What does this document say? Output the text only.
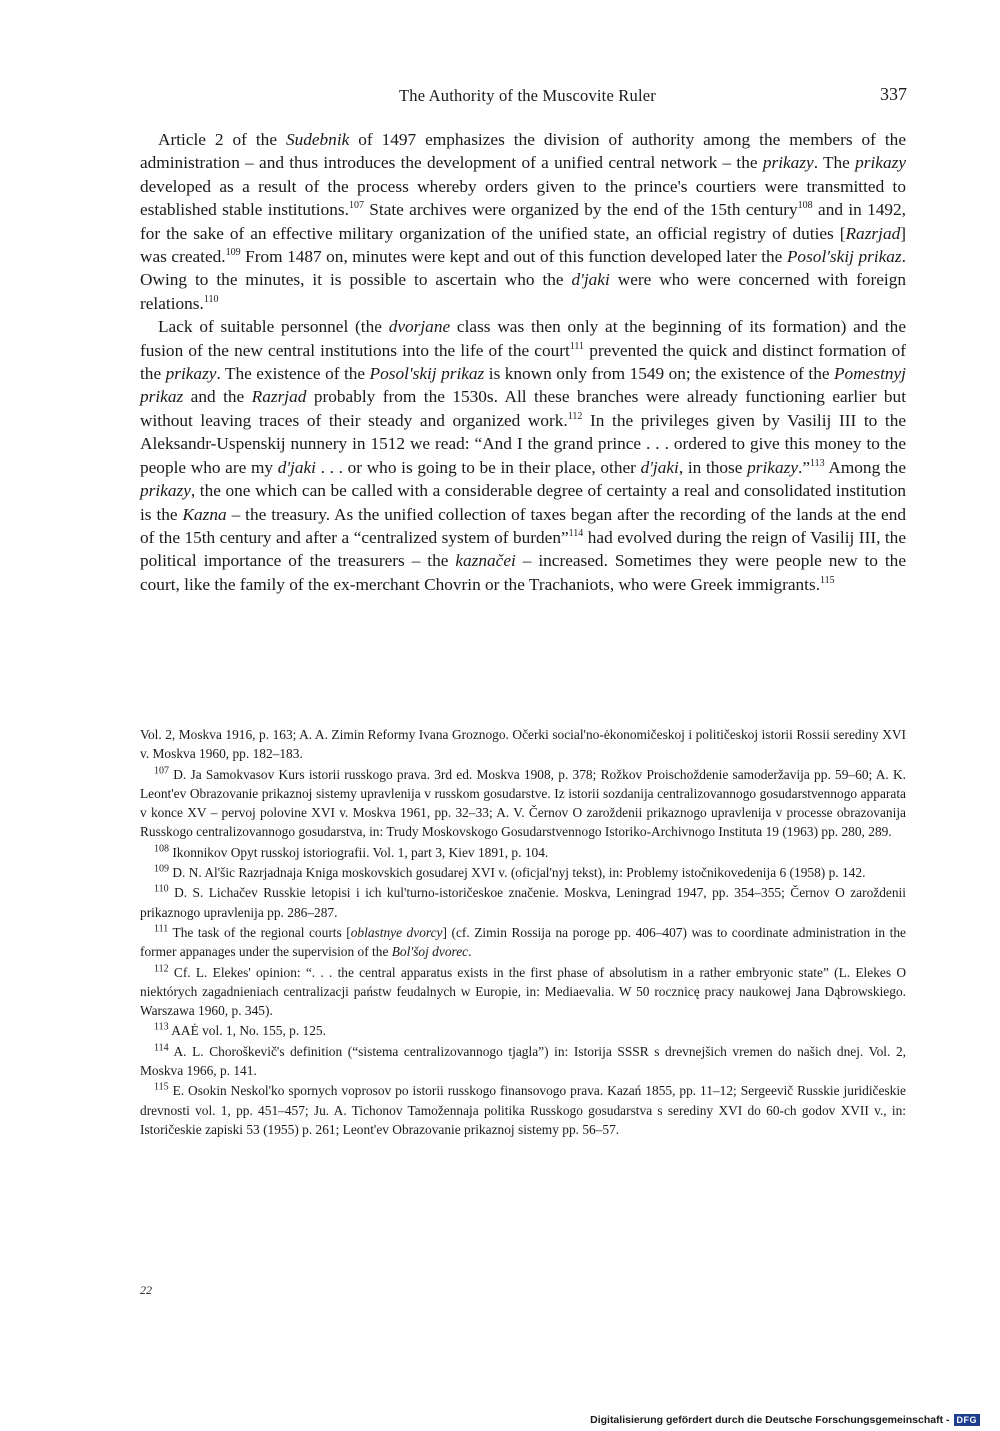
The Authority of the Muscovite Ruler	337

Article 2 of the Sudebnik of 1497 emphasizes the division of authority among the members of the administration – and thus introduces the development of a unified central network – the prikazy. The prikazy developed as a result of the process whereby orders given to the prince's courtiers were transmitted to established stable institutions.$^{107}$ State archives were organized by the end of the 15th century$^{108}$ and in 1492, for the sake of an effective military organization of the unified state, an official registry of duties [Razrjad] was created.$^{109}$ From 1487 on, minutes were kept and out of this function developed later the Posol'skij prikaz. Owing to the minutes, it is possible to ascertain who the d'jaki were who were concerned with foreign relations.$^{110}$

Lack of suitable personnel (the dvorjane class was then only at the beginning of its formation) and the fusion of the new central institutions into the life of the court$^{111}$ prevented the quick and distinct formation of the prikazy. The existence of the Posol'skij prikaz is known only from 1549 on; the existence of the Pomestnyj prikaz and the Razrjad probably from the 1530s. All these branches were already functioning earlier but without leaving traces of their steady and organized work.$^{112}$ In the privileges given by Vasilij III to the Aleksandr-Uspenskij nunnery in 1512 we read: “And I the grand prince . . . ordered to give this money to the people who are my d'jaki . . . or who is going to be in their place, other d'jaki, in those prikazy.”$^{113}$ Among the prikazy, the one which can be called with a considerable degree of certainty a real and consolidated institution is the Kazna – the treasury. As the unified collection of taxes began after the recording of the lands at the end of the 15th century and after a “centralized system of burden”$^{114}$ had evolved during the reign of Vasilij III, the political importance of the treasurers – the kaznačei – increased. Sometimes they were people new to the court, like the family of the ex-merchant Chovrin or the Trachaniots, who were Greek immigrants.$^{115}$

Vol. 2, Moskva 1916, p. 163; A. A. Zimin Reformy Ivana Groznogo. Očerki social'no-ėkonomičeskoj i političeskoj istorii Rossii serediny XVI v. Moskva 1960, pp. 182–183.

$^{107}$ D. Ja Samokvasov Kurs istorii russkogo prava. 3rd ed. Moskva 1908, p. 378; Rožkov Proischoždenie samoderžavija pp. 59–60; A. K. Leont'ev Obrazovanie prikaznoj sistemy upravlenija v russkom gosudarstve. Iz istorii sozdanija centralizovannogo gosudarstvennogo apparata v konce XV – pervoj polovine XVI v. Moskva 1961, pp. 32–33; A. V. Černov O zaroždenii prikaznogo upravlenija v processe obrazovanija Russkogo centralizovannogo gosudarstva, in: Trudy Moskovskogo Gosudarstvennogo Istoriko-Archivnogo Instituta 19 (1963) pp. 280, 289.

$^{108}$ Ikonnikov Opyt russkoj istoriografii. Vol. 1, part 3, Kiev 1891, p. 104.

$^{109}$ D. N. Al'šic Razrjadnaja Kniga moskovskich gosudarej XVI v. (oficjal'nyj tekst), in: Problemy istočnikovedenija 6 (1958) p. 142.

$^{110}$ D. S. Lichačev Russkie letopisi i ich kul'turno-istoričeskoe značenie. Moskva, Leningrad 1947, pp. 354–355; Černov O zaroždenii prikaznogo upravlenija pp. 286–287.

$^{111}$ The task of the regional courts [oblastnye dvorcy] (cf. Zimin Rossija na poroge pp. 406–407) was to coordinate administration in the former appanages under the supervision of the Bol'šoj dvorec.

$^{112}$ Cf. L. Elekes' opinion: “. . . the central apparatus exists in the first phase of absolutism in a rather embryonic state” (L. Elekes O niektórych zagadnieniach centralizacji państw feudalnych w Europie, in: Mediaevalia. W 50 rocznicę pracy naukowej Jana Dąbrowskiego. Warszawa 1960, p. 345).

$^{113}$ AAĖ vol. 1, No. 155, p. 125.

$^{114}$ A. L. Choroškevič's definition (“sistema centralizovannogo tjagla”) in: Istorija SSSR s drevnejšich vremen do našich dnej. Vol. 2, Moskva 1966, p. 141.

$^{115}$ E. Osokin Neskol'ko spornych voprosov po istorii russkogo finansovogo prava. Kazań 1855, pp. 11–12; Sergeevič Russkie juridičeskie drevnosti vol. 1, pp. 451–457; Ju. A. Tichonov Tamožennaja politika Russkogo gosudarstva s serediny XVI do 60-ch godov XVII v., in: Istoričeskie zapiski 53 (1955) p. 261; Leont'ev Obrazovanie prikaznoj sistemy pp. 56–57.

22
Digitalisierung gefördert durch die Deutsche Forschungsgemeinschaft - DFG
